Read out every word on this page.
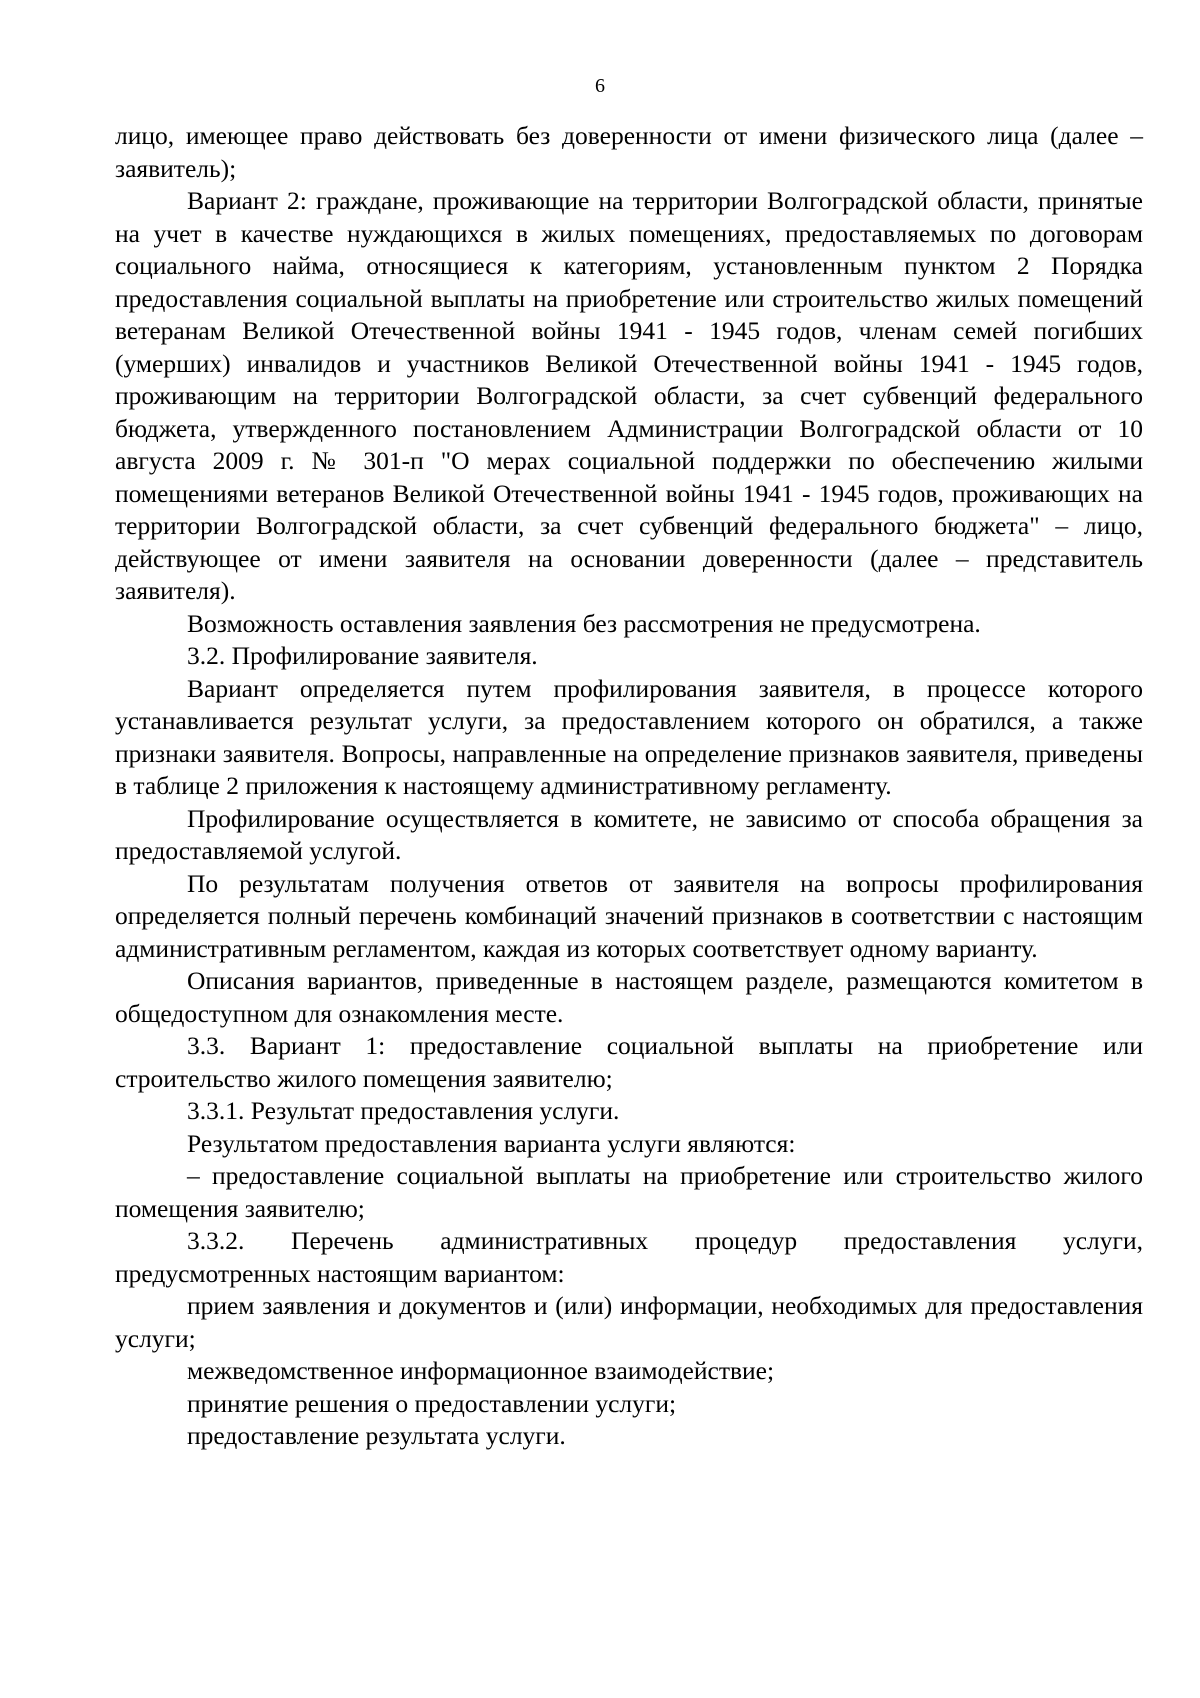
6

лицо, имеющее право действовать без доверенности от имени физического лица (далее – заявитель);

Вариант 2: граждане, проживающие на территории Волгоградской области, принятые на учет в качестве нуждающихся в жилых помещениях, предоставляемых по договорам социального найма, относящиеся к категориям, установленным пунктом 2 Порядка предоставления социальной выплаты на приобретение или строительство жилых помещений ветеранам Великой Отечественной войны 1941 - 1945 годов, членам семей погибших (умерших) инвалидов и участников Великой Отечественной войны 1941 - 1945 годов, проживающим на территории Волгоградской области, за счет субвенций федерального бюджета, утвержденного постановлением Администрации Волгоградской области от 10 августа 2009 г. № 301-п "О мерах социальной поддержки по обеспечению жилыми помещениями ветеранов Великой Отечественной войны 1941 - 1945 годов, проживающих на территории Волгоградской области, за счет субвенций федерального бюджета" – лицо, действующее от имени заявителя на основании доверенности (далее – представитель заявителя).

Возможность оставления заявления без рассмотрения не предусмотрена.

3.2. Профилирование заявителя.

Вариант определяется путем профилирования заявителя, в процессе которого устанавливается результат услуги, за предоставлением которого он обратился, а также признаки заявителя. Вопросы, направленные на определение признаков заявителя, приведены в таблице 2 приложения к настоящему административному регламенту.

Профилирование осуществляется в комитете, не зависимо от способа обращения за предоставляемой услугой.

По результатам получения ответов от заявителя на вопросы профилирования определяется полный перечень комбинаций значений признаков в соответствии с настоящим административным регламентом, каждая из которых соответствует одному варианту.

Описания вариантов, приведенные в настоящем разделе, размещаются комитетом в общедоступном для ознакомления месте.

3.3. Вариант 1: предоставление социальной выплаты на приобретение или строительство жилого помещения заявителю;

3.3.1. Результат предоставления услуги.

Результатом предоставления варианта услуги являются:

– предоставление социальной выплаты на приобретение или строительство жилого помещения заявителю;

3.3.2. Перечень административных процедур предоставления услуги, предусмотренных настоящим вариантом:

прием заявления и документов и (или) информации, необходимых для предоставления услуги;

межведомственное информационное взаимодействие;

принятие решения о предоставлении услуги;

предоставление результата услуги.
